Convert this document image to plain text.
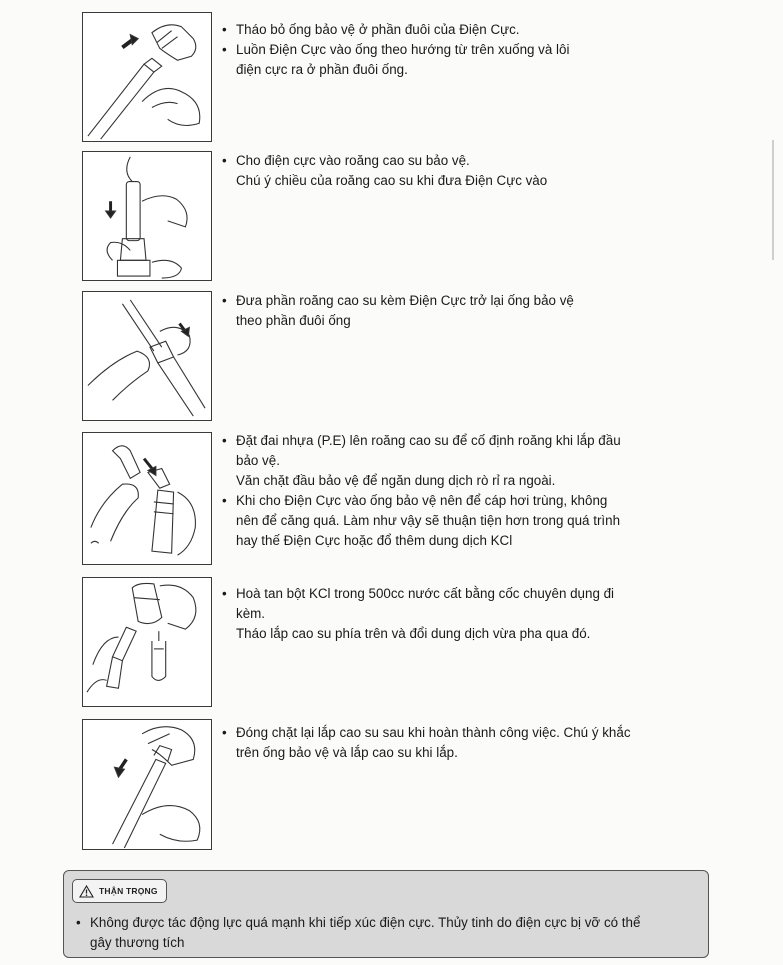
• Tháo bỏ ống bảo vệ ở phần đuôi của Điện Cực.
• Luồn Điện Cực vào ống theo hướng từ trên xuống và lôi
điện cực ra ở phần đuôi ống.
• Cho điện cực vào roăng cao su bảo vệ.
Chú ý chiều của roăng cao su khi đưa Điện Cực vào
• Đưa phần roăng cao su kèm Điện Cực trở lại ống bảo vệ
theo phần đuôi ống
• Đặt đai nhựa (P.E) lên roăng cao su để cố định roăng khi lắp đầu
bảo vệ.
Văn chặt đầu bảo vệ để ngăn dung dịch rò rỉ ra ngoài.
• Khi cho Điện Cực vào ống bảo vệ nên để cáp hơi trùng, không
nên để căng quá. Làm như vậy sẽ thuận tiện hơn trong quá trình
hay thế Điện Cực hoặc đổ thêm dung dịch KCl
• Hoà tan bột KCl trong 500cc nước cất bằng cốc chuyên dụng đi
kèm.
Tháo lắp cao su phía trên và đổi dung dịch vừa pha qua đó.
• Đóng chặt lại lắp cao su sau khi hoàn thành công việc. Chú ý khắc
trên ống bảo vệ và lắp cao su khi lắp.
THẬN TRỌNG
• Không được tác động lực quá mạnh khi tiếp xúc điện cực. Thủy tinh do điện cực bị vỡ có thể
gây thương tích
